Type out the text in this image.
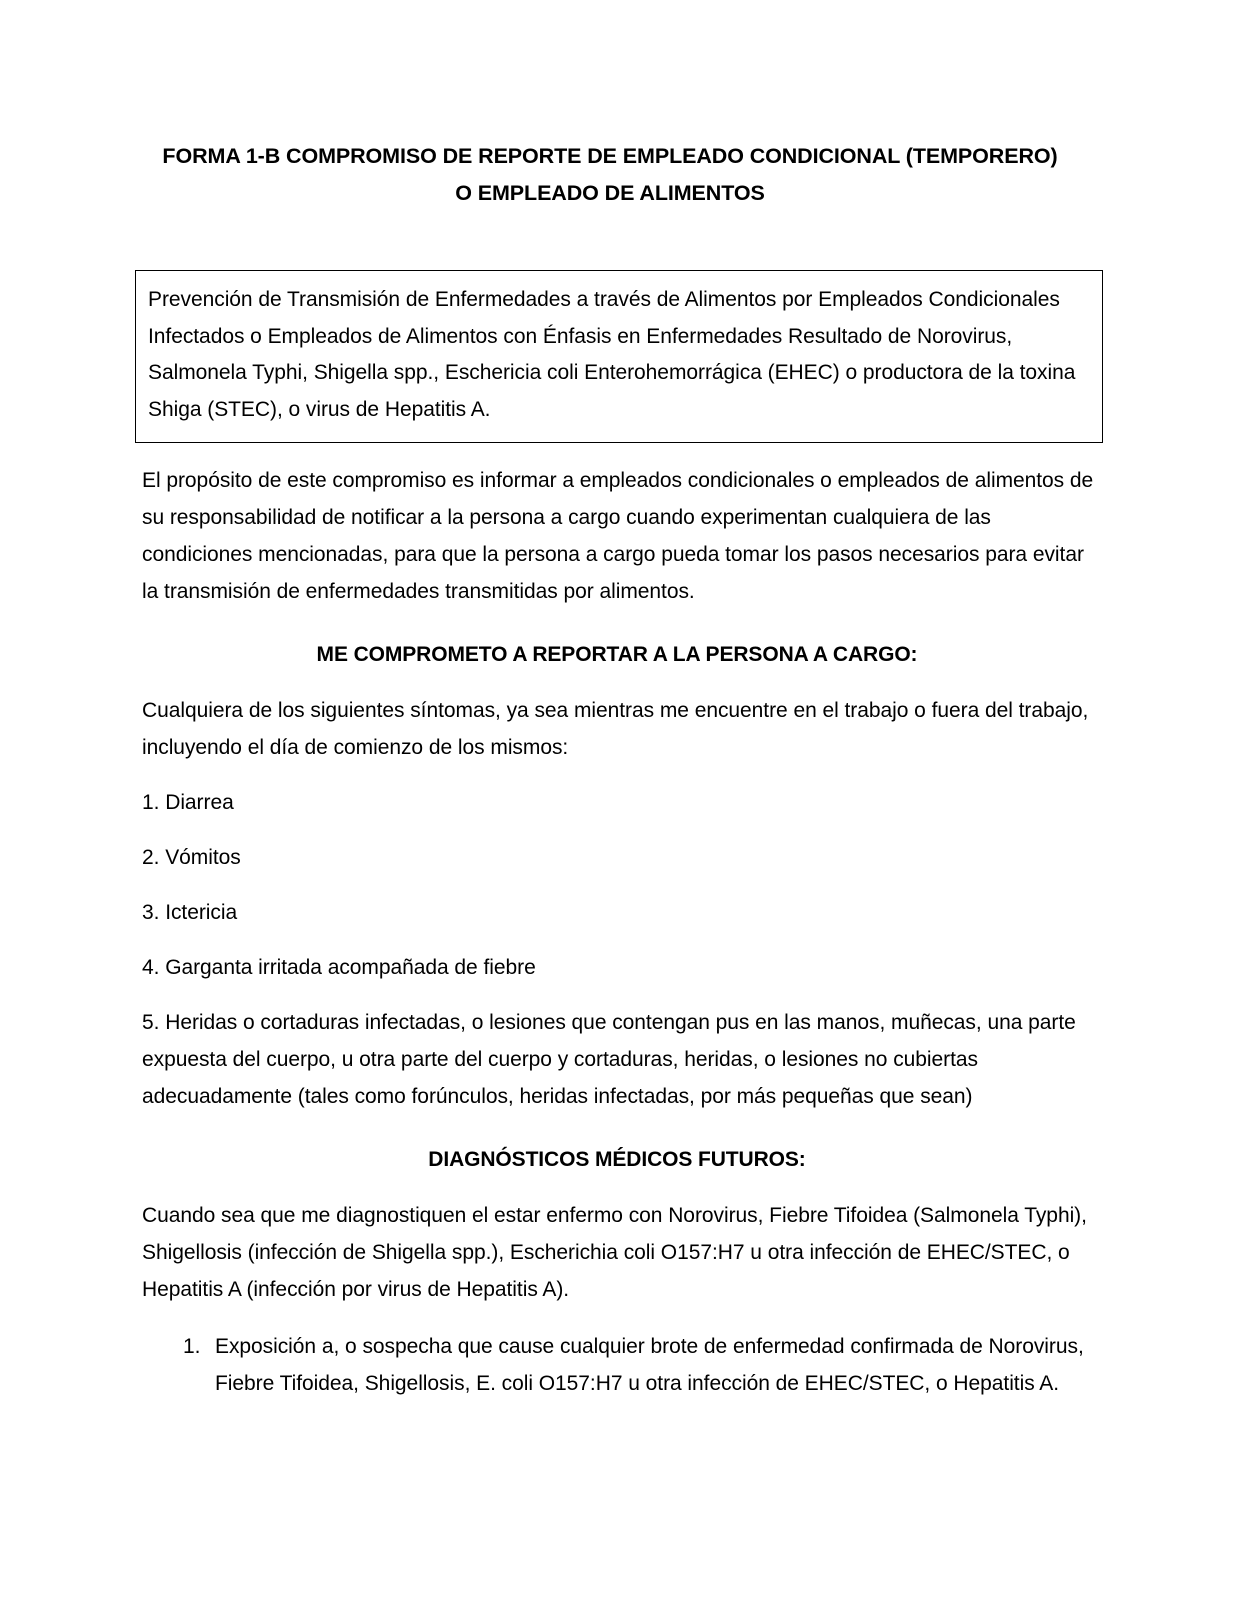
FORMA 1-B COMPROMISO DE REPORTE DE EMPLEADO CONDICIONAL (TEMPORERO) O EMPLEADO DE ALIMENTOS

Prevención de Transmisión de Enfermedades a través de Alimentos por Empleados Condicionales Infectados o Empleados de Alimentos con Énfasis en Enfermedades Resultado de Norovirus, Salmonela Typhi, Shigella spp., Eschericia coli Enterohemorrágica (EHEC) o productora de la toxina Shiga (STEC), o virus de Hepatitis A.

El propósito de este compromiso es informar a empleados condicionales o empleados de alimentos de su responsabilidad de notificar a la persona a cargo cuando experimentan cualquiera de las condiciones mencionadas, para que la persona a cargo pueda tomar los pasos necesarios para evitar la transmisión de enfermedades transmitidas por alimentos.

ME COMPROMETO A REPORTAR A LA PERSONA A CARGO:

Cualquiera de los siguientes síntomas, ya sea mientras me encuentre en el trabajo o fuera del trabajo, incluyendo el día de comienzo de los mismos:

1. Diarrea
2. Vómitos
3. Ictericia
4. Garganta irritada acompañada de fiebre
5. Heridas o cortaduras infectadas, o lesiones que contengan pus en las manos, muñecas, una parte expuesta del cuerpo, u otra parte del cuerpo y cortaduras, heridas, o lesiones no cubiertas adecuadamente (tales como forúnculos, heridas infectadas, por más pequeñas que sean)
DIAGNÓSTICOS MÉDICOS FUTUROS:

Cuando sea que me diagnostiquen el estar enfermo con Norovirus, Fiebre Tifoidea (Salmonela Typhi), Shigellosis (infección de Shigella spp.), Escherichia coli O157:H7 u otra infección de EHEC/STEC, o Hepatitis A (infección por virus de Hepatitis A).

1. Exposición a, o sospecha que cause cualquier brote de enfermedad confirmada de Norovirus, Fiebre Tifoidea, Shigellosis, E. coli O157:H7 u otra infección de EHEC/STEC, o Hepatitis A.
